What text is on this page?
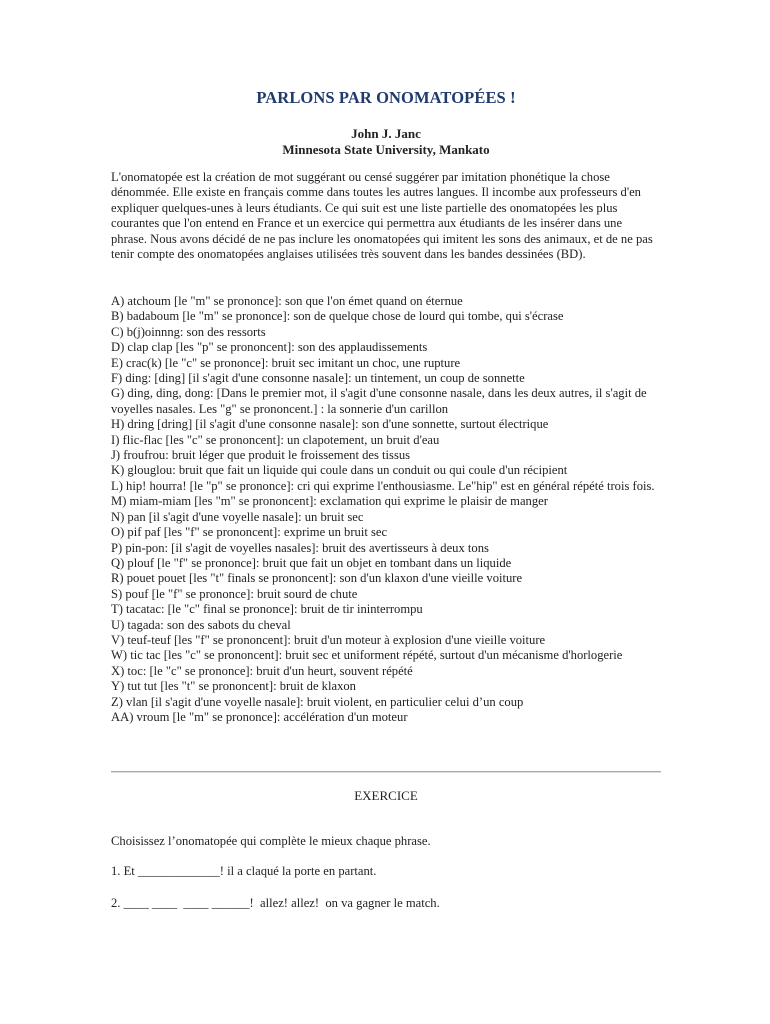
PARLONS PAR ONOMATOPÉES !
John J. Janc
Minnesota State University, Mankato
L'onomatopée est la création de mot suggérant ou censé suggérer par imitation phonétique la chose dénommée. Elle existe en français comme dans toutes les autres langues. Il incombe aux professeurs d'en expliquer quelques-unes à leurs étudiants. Ce qui suit est une liste partielle des onomatopées les plus courantes que l'on entend en France et un exercice qui permettra aux étudiants de les insérer dans une phrase. Nous avons décidé de ne pas inclure les onomatopées qui imitent les sons des animaux, et de ne pas tenir compte des onomatopées anglaises utilisées très souvent dans les bandes dessinées (BD).
A) atchoum [le "m" se prononce]: son que l'on émet quand on éternue
B) badaboum [le "m" se prononce]: son de quelque chose de lourd qui tombe, qui s'écrase
C) b(j)oinnng: son des ressorts
D) clap clap [les "p" se prononcent]: son des applaudissements
E) crac(k) [le "c" se prononce]: bruit sec imitant un choc, une rupture
F) ding: [ding] [il s'agit d'une consonne nasale]: un tintement, un coup de sonnette
G) ding, ding, dong: [Dans le premier mot, il s'agit d'une consonne nasale, dans les deux autres, il s'agit de voyelles nasales. Les "g" se prononcent.] : la sonnerie d'un carillon
H) dring [dring] [il s'agit d'une consonne nasale]: son d'une sonnette, surtout électrique
I) flic-flac [les "c" se prononcent]: un clapotement, un bruit d'eau
J) froufrou: bruit léger que produit le froissement des tissus
K) glouglou: bruit que fait un liquide qui coule dans un conduit ou qui coule d'un récipient
L) hip! hourra! [le "p" se prononce]: cri qui exprime l'enthousiasme. Le"hip" est en général répété trois fois.
M) miam-miam [les "m" se prononcent]: exclamation qui exprime le plaisir de manger
N) pan [il s'agit d'une voyelle nasale]: un bruit sec
O) pif paf [les "f" se prononcent]: exprime un bruit sec
P) pin-pon: [il s'agit de voyelles nasales]: bruit des avertisseurs à deux tons
Q) plouf [le "f" se prononce]: bruit que fait un objet en tombant dans un liquide
R) pouet pouet [les "t" finals se prononcent]: son d'un klaxon d'une vieille voiture
S) pouf [le "f" se prononce]: bruit sourd de chute
T) tacatac: [le "c" final se prononce]: bruit de tir ininterrompu
U) tagada: son des sabots du cheval
V) teuf-teuf [les "f" se prononcent]: bruit d'un moteur à explosion d'une vieille voiture
W) tic tac [les "c" se prononcent]: bruit sec et uniforment répété, surtout d'un mécanisme d'horlogerie
X) toc: [le "c" se prononce]: bruit d'un heurt, souvent répété
Y) tut tut [les "t" se prononcent]: bruit de klaxon
Z) vlan [il s'agit d'une voyelle nasale]: bruit violent, en particulier celui d’un coup
AA) vroum [le "m" se prononce]: accélération d'un moteur
EXERCICE
Choisissez l’onomatopée qui complète le mieux chaque phrase.
1. Et _____________! il a claqué la porte en partant.
2. ____ ____  ____ ______!  allez! allez!  on va gagner le match.
